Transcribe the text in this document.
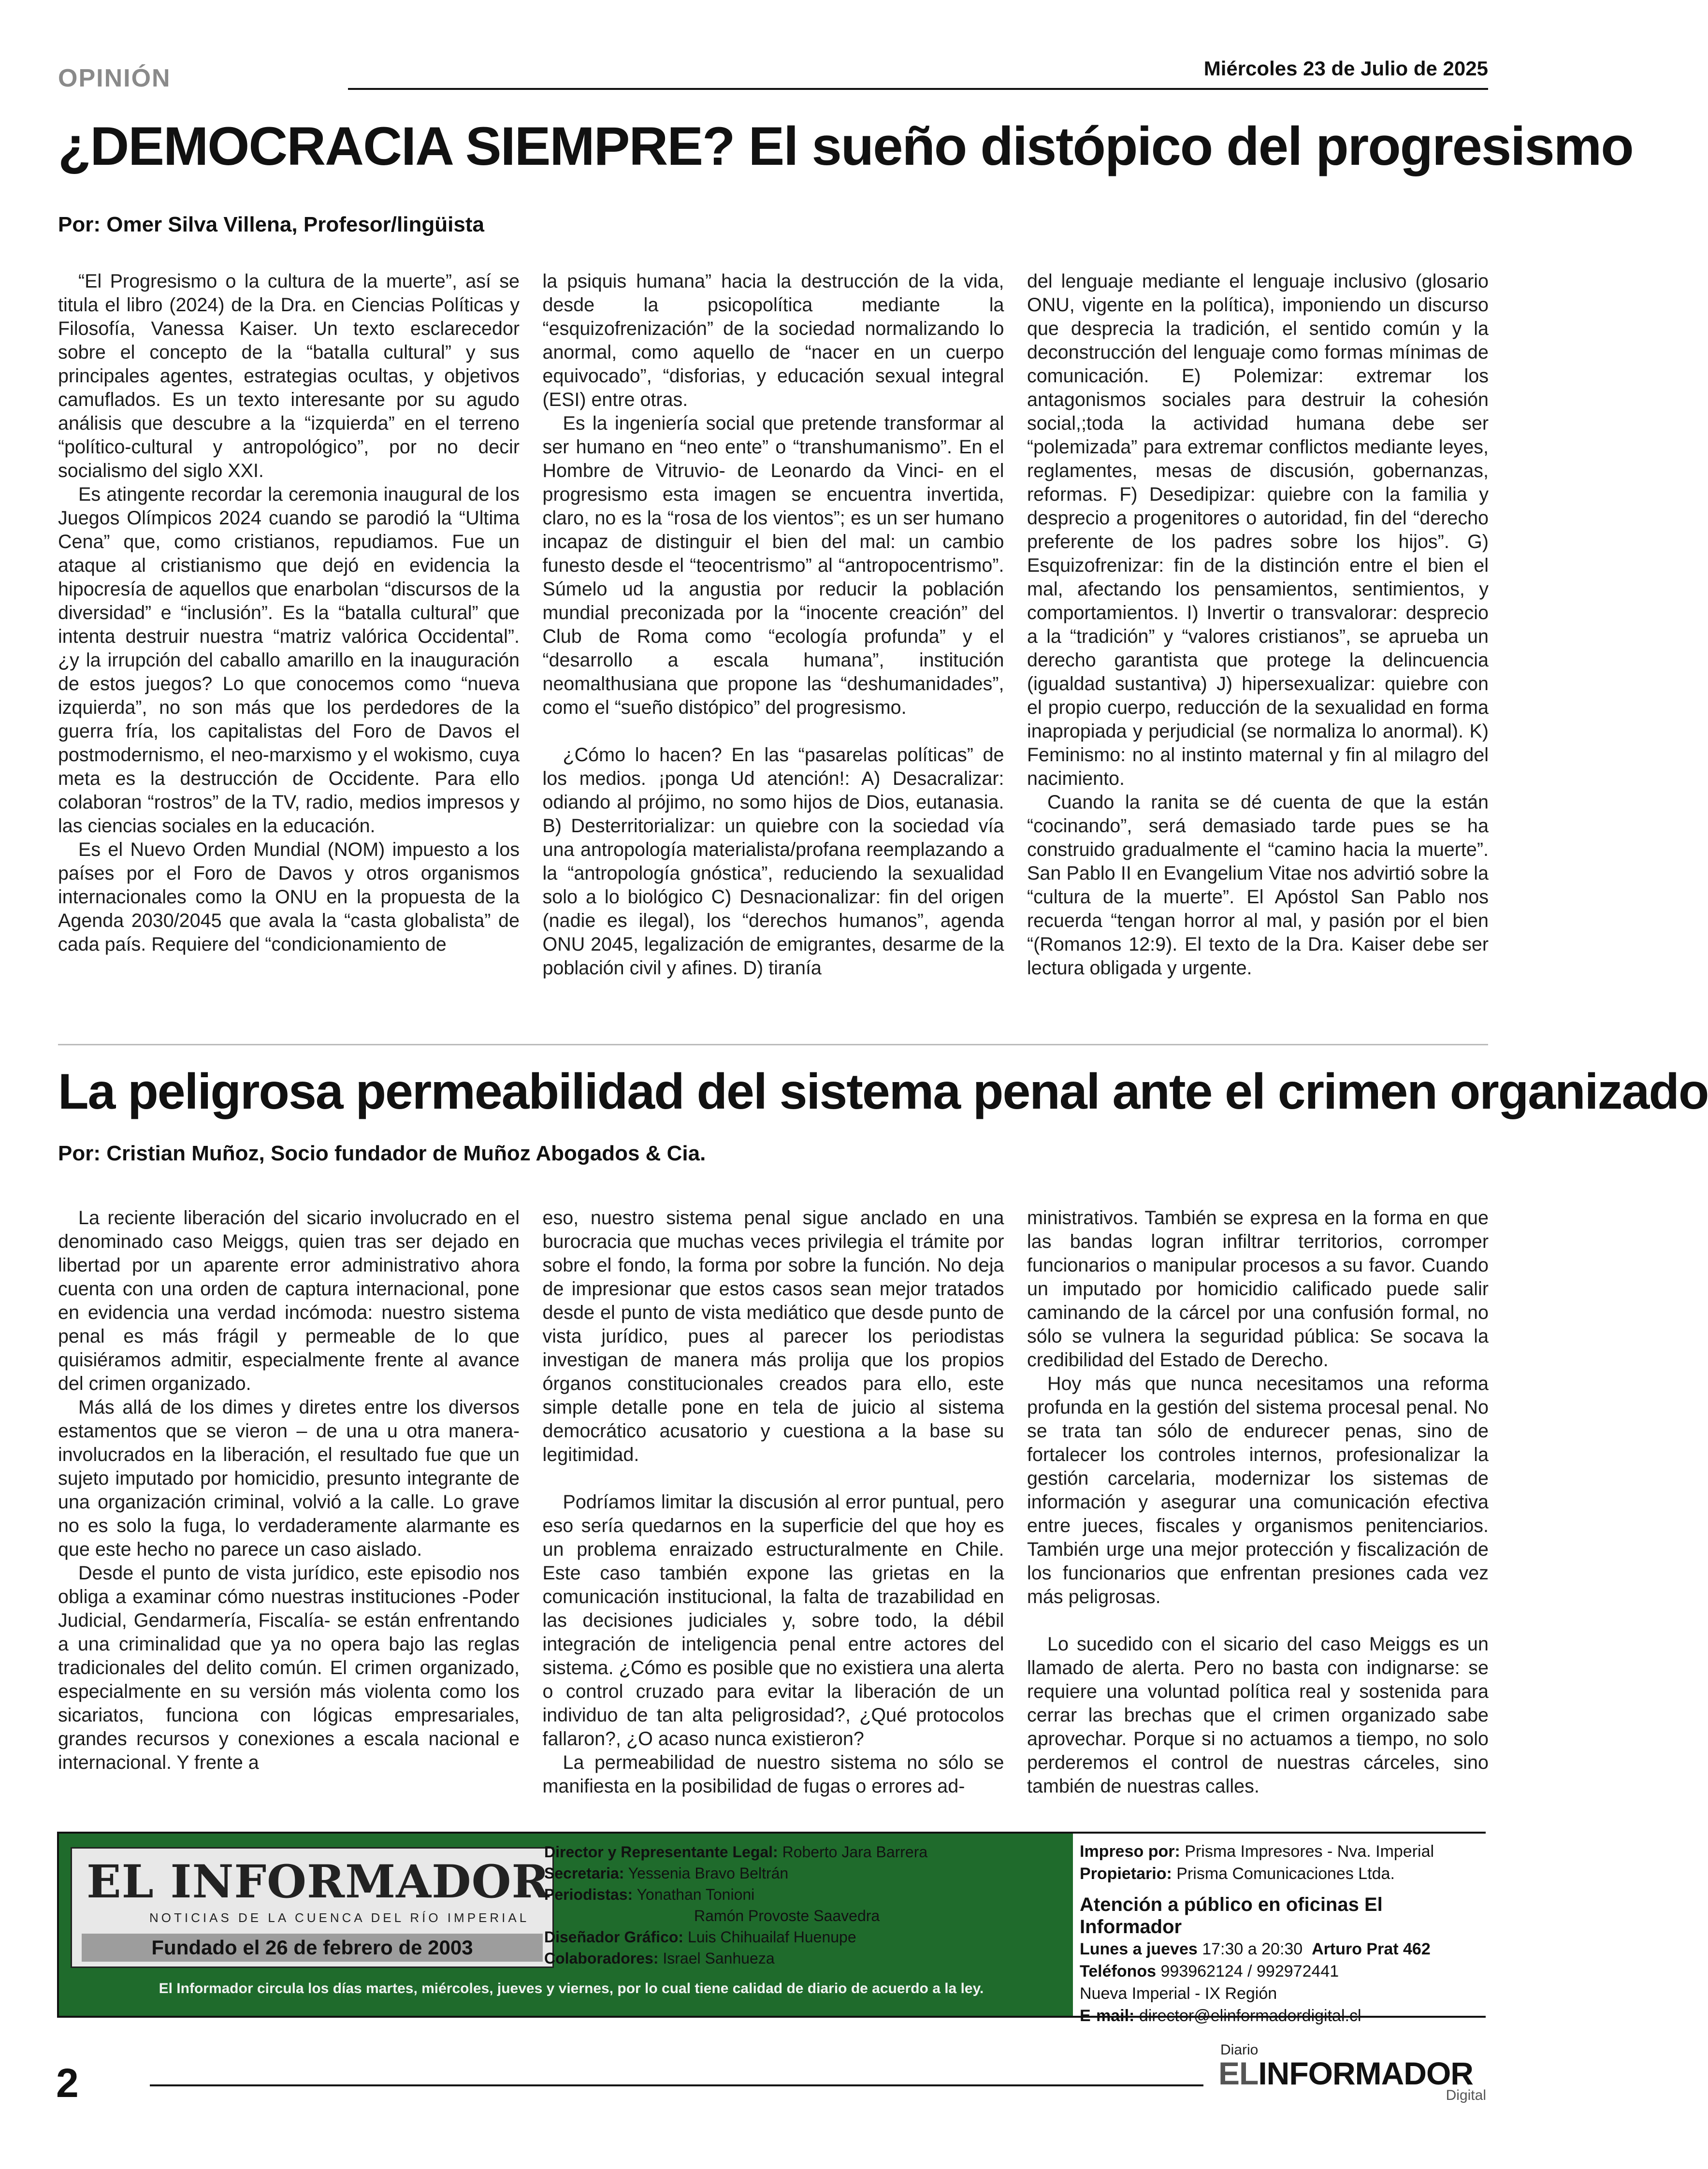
OPINIÓN	Miércoles 23 de Julio de 2025
¿DEMOCRACIA SIEMPRE? El sueño distópico del progresismo
Por: Omer Silva Villena, Profesor/lingüista

“El Progresismo o la cultura de la muerte”, así se titula el libro (2024) de la Dra. en Ciencias Políticas y Filosofía, Vanessa Kaiser. Un texto esclarecedor sobre el concepto de la “batalla cultural” y sus principales agentes, estrategias ocultas, y objetivos camuflados. Es un texto interesante por su agudo análisis que descubre a la “izquierda” en el terreno “político-cultural y antropológico”, por no decir socialismo del siglo XXI.

Es atingente recordar la ceremonia inaugural de los Juegos Olímpicos 2024 cuando se parodió la “Ultima Cena” que, como cristianos, repudiamos. Fue un ataque al cristianismo que dejó en evidencia la hipocresía de aquellos que enarbolan “discursos de la diversidad” e “inclusión”. Es la “batalla cultural” que intenta destruir nuestra “matriz valórica Occidental”. ¿y la irrupción del caballo amarillo en la inauguración de estos juegos? Lo que conocemos como “nueva izquierda”, no son más que los perdedores de la guerra fría, los capitalistas del Foro de Davos el postmodernismo, el neo-marxismo y el wokismo, cuya meta es la destrucción de Occidente. Para ello colaboran “rostros” de la TV, radio, medios impresos y las ciencias sociales en la educación.

Es el Nuevo Orden Mundial (NOM) impuesto a los países por el Foro de Davos y otros organismos internacionales como la ONU en la propuesta de la Agenda 2030/2045 que avala la “casta globalista” de cada país. Requiere del “condicionamiento de

la psiquis humana” hacia la destrucción de la vida, desde la psicopolítica mediante la “esquizofrenización” de la sociedad normalizando lo anormal, como aquello de “nacer en un cuerpo equivocado”, “disforias, y educación sexual integral (ESI) entre otras.

Es la ingeniería social que pretende transformar al ser humano en “neo ente” o “transhumanismo”. En el Hombre de Vitruvio- de Leonardo da Vinci- en el progresismo esta imagen se encuentra invertida, claro, no es la “rosa de los vientos”; es un ser humano incapaz de distinguir el bien del mal: un cambio funesto desde el “teocentrismo” al “antropocentrismo”. Súmelo ud la angustia por reducir la población mundial preconizada por la “inocente creación” del Club de Roma como “ecología profunda” y el “desarrollo a escala humana”, institución neomalthusiana que propone las “deshumanidades”, como el “sueño distópico” del progresismo.

¿Cómo lo hacen? En las “pasarelas políticas” de los medios. ¡ponga Ud atención!: A) Desacralizar: odiando al prójimo, no somo hijos de Dios, eutanasia. B) Desterritorializar: un quiebre con la sociedad vía una antropología materialista/profana reemplazando a la “antropología gnóstica”, reduciendo la sexualidad solo a lo biológico C) Desnacionalizar: fin del origen (nadie es ilegal), los “derechos humanos”, agenda ONU 2045, legalización de emigrantes, desarme de la población civil y afines. D) tiranía

del lenguaje mediante el lenguaje inclusivo (glosario ONU, vigente en la política), imponiendo un discurso que desprecia la tradición, el sentido común y la deconstrucción del lenguaje como formas mínimas de comunicación. E) Polemizar: extremar los antagonismos sociales para destruir la cohesión social,;toda la actividad humana debe ser “polemizada” para extremar conflictos mediante leyes, reglamentes, mesas de discusión, gobernanzas, reformas. F) Desedipizar: quiebre con la familia y desprecio a progenitores o autoridad, fin del “derecho preferente de los padres sobre los hijos”. G) Esquizofrenizar: fin de la distinción entre el bien el mal, afectando los pensamientos, sentimientos, y comportamientos. I) Invertir o transvalorar: desprecio a la “tradición” y “valores cristianos”, se aprueba un derecho garantista que protege la delincuencia (igualdad sustantiva) J) hipersexualizar: quiebre con el propio cuerpo, reducción de la sexualidad en forma inapropiada y perjudicial (se normaliza lo anormal). K) Feminismo: no al instinto maternal y fin al milagro del nacimiento.

Cuando la ranita se dé cuenta de que la están “cocinando”, será demasiado tarde pues se ha construido gradualmente el “camino hacia la muerte”. San Pablo II en Evangelium Vitae nos advirtió sobre la “cultura de la muerte”. El Apóstol San Pablo nos recuerda “tengan horror al mal, y pasión por el bien “(Romanos 12:9). El texto de la Dra. Kaiser debe ser lectura obligada y urgente.

La peligrosa permeabilidad del sistema penal ante el crimen organizado
Por: Cristian Muñoz, Socio fundador de Muñoz Abogados & Cia.

La reciente liberación del sicario involucrado en el denominado caso Meiggs, quien tras ser dejado en libertad por un aparente error administrativo ahora cuenta con una orden de captura internacional, pone en evidencia una verdad incómoda: nuestro sistema penal es más frágil y permeable de lo que quisiéramos admitir, especialmente frente al avance del crimen organizado.

Más allá de los dimes y diretes entre los diversos estamentos que se vieron – de una u otra manera- involucrados en la liberación, el resultado fue que un sujeto imputado por homicidio, presunto integrante de una organización criminal, volvió a la calle. Lo grave no es solo la fuga, lo verdaderamente alarmante es que este hecho no parece un caso aislado.

Desde el punto de vista jurídico, este episodio nos obliga a examinar cómo nuestras instituciones -Poder Judicial, Gendarmería, Fiscalía- se están enfrentando a una criminalidad que ya no opera bajo las reglas tradicionales del delito común. El crimen organizado, especialmente en su versión más violenta como los sicariatos, funciona con lógicas empresariales, grandes recursos y conexiones a escala nacional e internacional. Y frente a

eso, nuestro sistema penal sigue anclado en una burocracia que muchas veces privilegia el trámite por sobre el fondo, la forma por sobre la función. No deja de impresionar que estos casos sean mejor tratados desde el punto de vista mediático que desde punto de vista jurídico, pues al parecer los periodistas investigan de manera más prolija que los propios órganos constitucionales creados para ello, este simple detalle pone en tela de juicio al sistema democrático acusatorio y cuestiona a la base su legitimidad.

Podríamos limitar la discusión al error puntual, pero eso sería quedarnos en la superficie del que hoy es un problema enraizado estructuralmente en Chile. Este caso también expone las grietas en la comunicación institucional, la falta de trazabilidad en las decisiones judiciales y, sobre todo, la débil integración de inteligencia penal entre actores del sistema. ¿Cómo es posible que no existiera una alerta o control cruzado para evitar la liberación de un individuo de tan alta peligrosidad?, ¿Qué protocolos fallaron?, ¿O acaso nunca existieron?

La permeabilidad de nuestro sistema no sólo se manifiesta en la posibilidad de fugas o errores ad-

ministrativos. También se expresa en la forma en que las bandas logran infiltrar territorios, corromper funcionarios o manipular procesos a su favor. Cuando un imputado por homicidio calificado puede salir caminando de la cárcel por una confusión formal, no sólo se vulnera la seguridad pública: Se socava la credibilidad del Estado de Derecho.

Hoy más que nunca necesitamos una reforma profunda en la gestión del sistema procesal penal. No se trata tan sólo de endurecer penas, sino de fortalecer los controles internos, profesionalizar la gestión carcelaria, modernizar los sistemas de información y asegurar una comunicación efectiva entre jueces, fiscales y organismos penitenciarios. También urge una mejor protección y fiscalización de los funcionarios que enfrentan presiones cada vez más peligrosas.

Lo sucedido con el sicario del caso Meiggs es un llamado de alerta. Pero no basta con indignarse: se requiere una voluntad política real y sostenida para cerrar las brechas que el crimen organizado sabe aprovechar. Porque si no actuamos a tiempo, no solo perderemos el control de nuestras cárceles, sino también de nuestras calles.

EL INFORMADOR
NOTICIAS DE LA CUENCA DEL RÍO IMPERIAL
Fundado el 26 de febrero de 2003
Director y Representante Legal: Roberto Jara Barrera
Secretaria: Yessenia Bravo Beltrán
Periodistas: Yonathan Tonioni
Ramón Provoste Saavedra
Diseñador Gráfico: Luis Chihuailaf Huenupe
Colaboradores: Israel Sanhueza
Impreso por: Prisma Impresores - Nva. Imperial
Propietario: Prisma Comunicaciones Ltda.
Atención a público en oficinas El Informador
Lunes a jueves 17:30 a 20:30 Arturo Prat 462
Teléfonos 993962124 / 992972441
Nueva Imperial - IX Región
E-mail: director@elinformadordigital.cl
El Informador circula los días martes, miércoles, jueves y viernes, por lo cual tiene calidad de diario de acuerdo a la ley.
2
Diario
ELINFORMADOR
Digital
